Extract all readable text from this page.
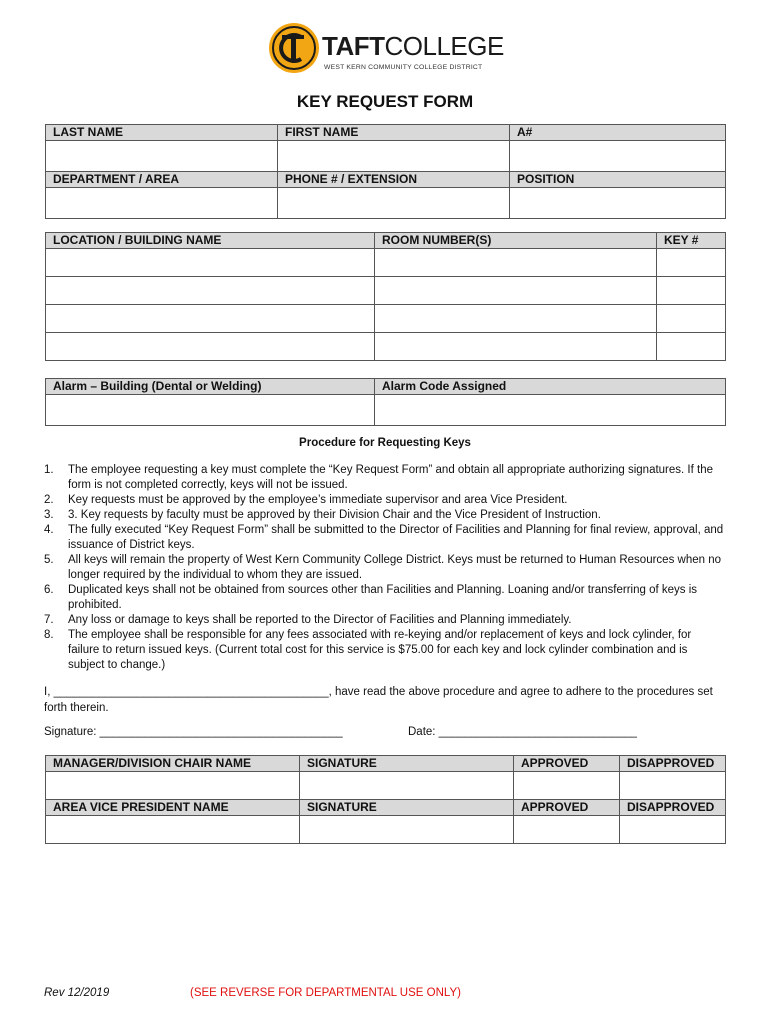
TAFTCOLLEGE
WEST KERN COMMUNITY COLLEGE DISTRICT
KEY REQUEST FORM
LAST NAME	FIRST NAME	A#

DEPARTMENT / AREA	PHONE # / EXTENSION	POSITION

LOCATION / BUILDING NAME	ROOM NUMBER(S)	KEY #

Alarm – Building (Dental or Welding)	Alarm Code Assigned

Procedure for Requesting Keys
1. The employee requesting a key must complete the “Key Request Form” and obtain all appropriate authorizing signatures. If the form is not completed correctly, keys will not be issued.
2. Key requests must be approved by the employee’s immediate supervisor and area Vice President.
3. 3. Key requests by faculty must be approved by their Division Chair and the Vice President of Instruction.
4. The fully executed “Key Request Form” shall be submitted to the Director of Facilities and Planning for final review, approval, and issuance of District keys.
5. All keys will remain the property of West Kern Community College District. Keys must be returned to Human Resources when no longer required by the individual to whom they are issued.
6. Duplicated keys shall not be obtained from sources other than Facilities and Planning. Loaning and/or transferring of keys is prohibited.
7. Any loss or damage to keys shall be reported to the Director of Facilities and Planning immediately.
8. The employee shall be responsible for any fees associated with re-keying and/or replacement of keys and lock cylinder, for failure to return issued keys. (Current total cost for this service is $75.00 for each key and lock cylinder combination and is subject to change.)
I, ___________________________________________, have read the above procedure and agree to adhere to the procedures set forth therein.
Signature: ______________________________________	Date: _______________________________
MANAGER/DIVISION CHAIR NAME	SIGNATURE	APPROVED	DISAPPROVED

AREA VICE PRESIDENT NAME	SIGNATURE	APPROVED	DISAPPROVED

Rev 12/2019	(SEE REVERSE FOR DEPARTMENTAL USE ONLY)
